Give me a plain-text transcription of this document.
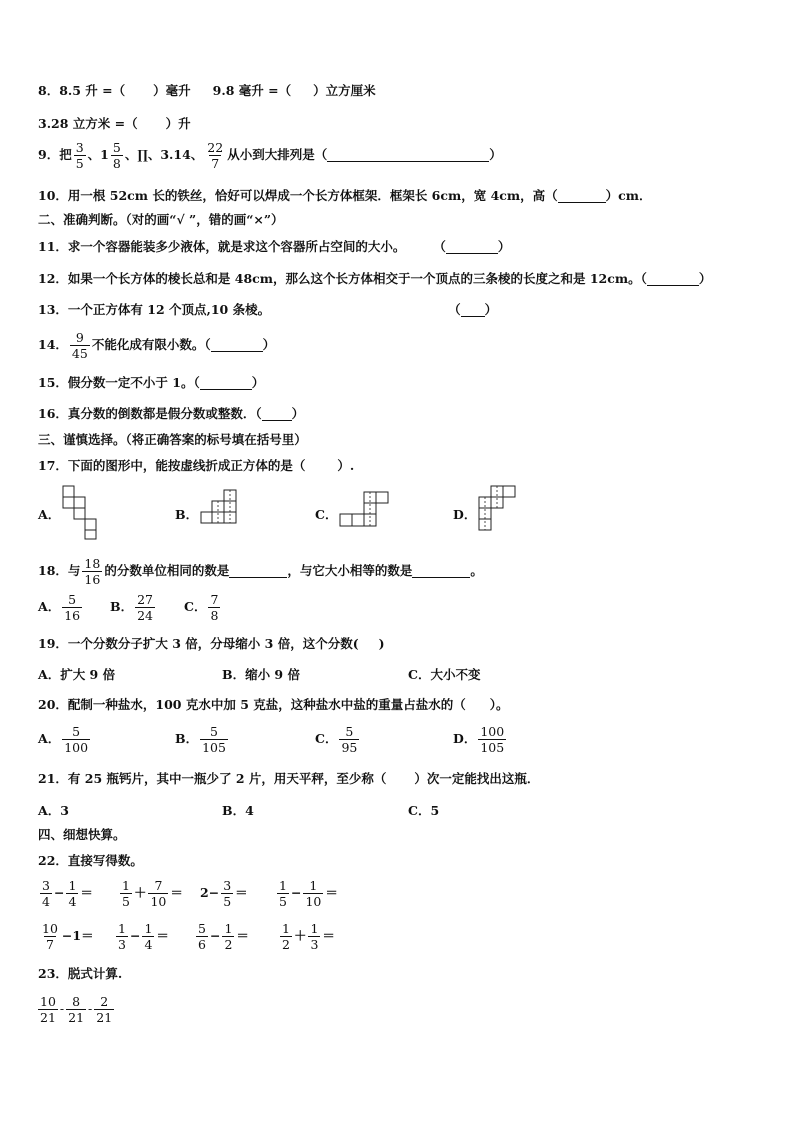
8．8.5 升 =（ ）毫升 9.8 毫升 =（ ）立方厘米
3.28 立方米 =（ ）升
9．把 $\frac{3}{5}$ 、$1 \frac{5}{8}$ 、∏、3.14、 $\frac{22}{7}$ 从小到大排列是（	）
10．用一根 52cm 长的铁丝，恰好可以焊成一个长方体框架．框架长 6cm，宽 4cm，高（	）cm．
二、准确判断。（对的画“√ ”，错的画“×”）
11．求一个容器能装多少液体，就是求这个容器所占空间的大小。 （	）
12．如果一个长方体的棱长总和是 48cm，那么这个长方体相交于一个顶点的三条棱的长度之和是 12cm。（	）
13．一个正方体有 12 个顶点,10 条棱。	（ ）
14． $\frac{9}{45}$ 不能化成有限小数。（	）
15．假分数一定不小于 1。（	）
16．真分数的倒数都是假分数或整数．（ ）
三、谨慎选择。（将正确答案的标号填在括号里）
17．下面的图形中，能按虚线折成正方体的是（	）.
A．	B．	C．	D．
18．与 $\frac{18}{16}$ 的分数单位相同的数是	，与它大小相等的数是	。
A． $\frac{5}{16}$ B． $\frac{27}{24}$ C． $\frac{7}{8}$
19．一个分数分子扩大 3 倍，分母缩小 3 倍，这个分数( )
A．扩大 9 倍	B．缩小 9 倍	C．大小不变
20．配制一种盐水，100 克水中加 5 克盐，这种盐水中盐的重量占盐水的（ ）。
A． $\frac{5}{100}$	B． $\frac{5}{105}$	C． $\frac{5}{95}$	D． $\frac{100}{105}$
21．有 25 瓶钙片，其中一瓶少了 2 片，用天平秤，至少称（ ）次一定能找出这瓶．
A．3	B．4	C．5
四、细想快算。
22．直接写得数。
$\frac{3}{4} - \frac{1}{4} = \frac{1}{5} + \frac{7}{10} = 2- \frac{3}{5} = \frac{1}{5} - \frac{1}{10}$ ＝
$\frac{10}{7} -1= \frac{1}{3} - \frac{1}{4} = \frac{5}{6} - \frac{1}{2} = \frac{1}{2} + \frac{1}{3}$ ＝
23．脱式计算.
$\frac{10}{21} - \frac{8}{21} - \frac{2}{21}$
